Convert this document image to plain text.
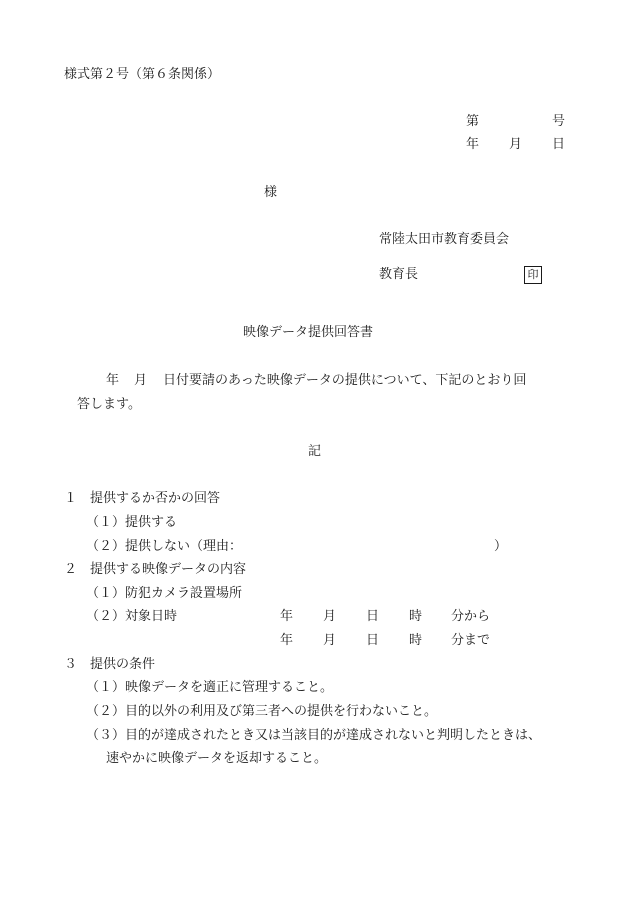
様式第２号（第６条関係）
第	号
年 月 日
様
常陸太田市教育委員会
教育長	印
映像データ提供回答書
年 月 日付要請のあった映像データの提供について、下記のとおり回
答します。
記
１　提供するか否かの回答
（１）提供する
（２）提供しない（理由：	）
２　提供する映像データの内容
（１）防犯カメラ設置場所
（２）対象日時	年 月 日 時 分から
年 月 日 時 分まで
３　提供の条件
（１）映像データを適正に管理すること。
（２）目的以外の利用及び第三者への提供を行わないこと。
（３）目的が達成されたとき又は当該目的が達成されないと判明したときは、
速やかに映像データを返却すること。
